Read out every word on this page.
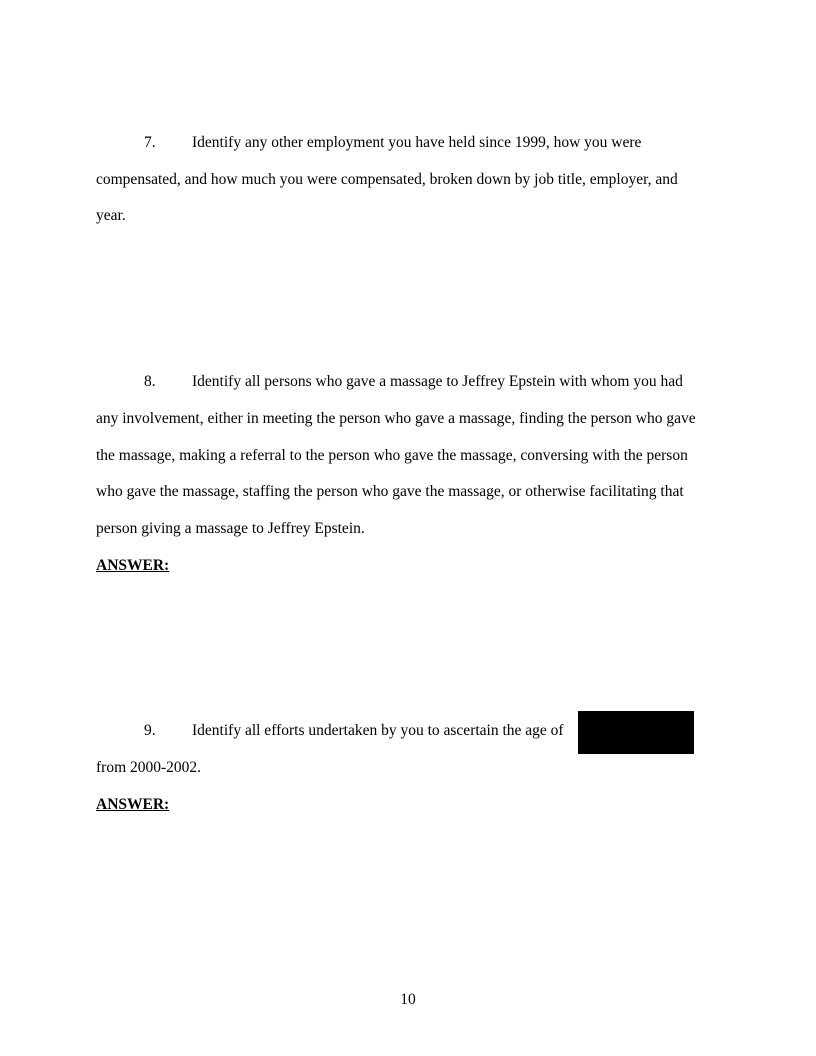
7. Identify any other employment you have held since 1999, how you were
compensated, and how much you were compensated, broken down by job title, employer, and
year.
8. Identify all persons who gave a massage to Jeffrey Epstein with whom you had
any involvement, either in meeting the person who gave a massage, finding the person who gave
the massage, making a referral to the person who gave the massage, conversing with the person
who gave the massage, staffing the person who gave the massage, or otherwise facilitating that
person giving a massage to Jeffrey Epstein.
ANSWER:
9. Identify all efforts undertaken by you to ascertain the age of
from 2000-2002.
ANSWER:
10
